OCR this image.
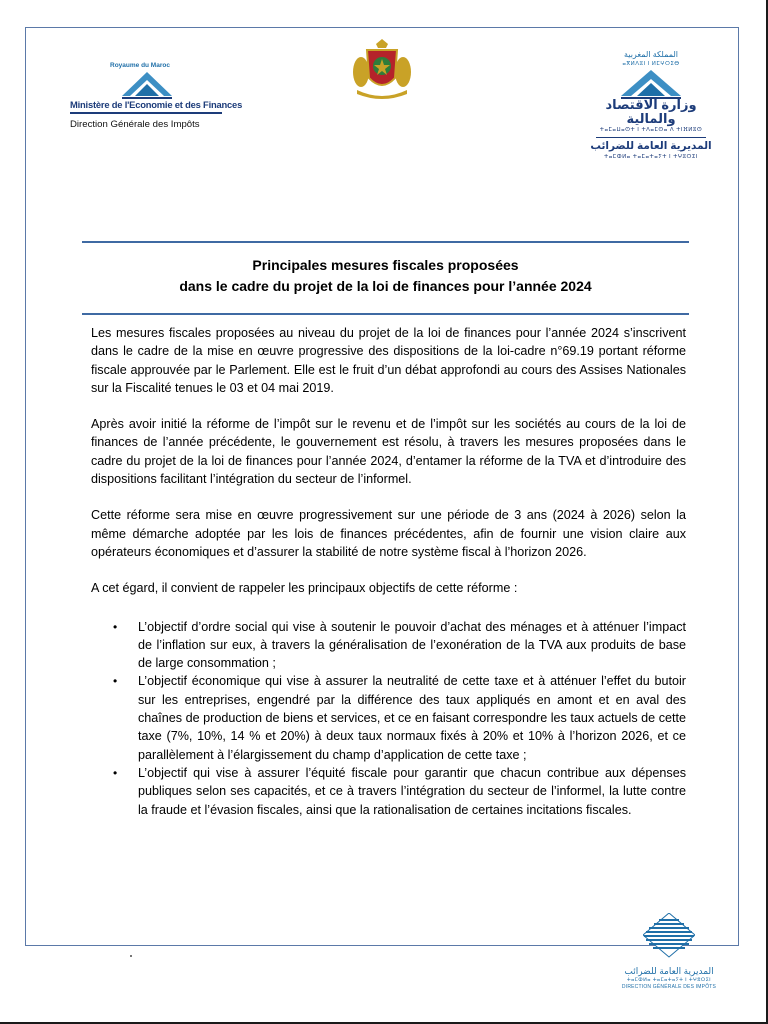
Royaume du Maroc
Ministère de l'Economie et des Finances
Direction Générale des Impôts
المملكة المغربية
ⴰⴳⵍⴷⵓⵏ ⵏ ⵍⵎⵖⵔⵉⴱ
وزارة الاقتصاد والمالية
ⵜⴰⵎⴰⵡⴰⵙⵜ ⵏ ⵜⴷⴰⵎⵙⴰ ⴷ ⵜⵏⴼⵍⵓⵙ
المديرية العامة للضرائب
ⵜⴰⵎⵀⵍⴰ ⵜⴰⵎⴰⵜⴰⵢⵜ ⵏ ⵜⵖⵓⵔⵉⵏ
Principales mesures fiscales proposées
dans le cadre du projet de la loi de finances pour l’année 2024

Les mesures fiscales proposées au niveau du projet de la loi de finances pour l’année 2024 s’inscrivent dans le cadre de la mise en œuvre progressive des dispositions de la loi-cadre n°69.19 portant réforme fiscale approuvée par le Parlement. Elle est le fruit d’un débat approfondi au cours des Assises Nationales sur la Fiscalité tenues le 03 et 04 mai 2019.

Après avoir initié la réforme de l’impôt sur le revenu et de l’impôt sur les sociétés au cours de la loi de finances de l’année précédente, le gouvernement est résolu, à travers les mesures proposées dans le cadre du projet de la loi de finances pour l’année 2024, d’entamer la réforme de la TVA et d’introduire des dispositions facilitant l’intégration du secteur de l’informel.

Cette réforme sera mise en œuvre progressivement sur une période de 3 ans (2024 à 2026) selon la même démarche adoptée par les lois de finances précédentes, afin de fournir une vision claire aux opérateurs économiques et d’assurer la stabilité de notre système fiscal à l’horizon 2026.

A cet égard, il convient de rappeler les principaux objectifs de cette réforme :

• L’objectif d’ordre social qui vise à soutenir le pouvoir d’achat des ménages et à atténuer l’impact de l’inflation sur eux, à travers la généralisation de l’exonération de la TVA aux produits de base de large consommation ;
• L’objectif économique qui vise à assurer la neutralité de cette taxe et à atténuer l’effet du butoir sur les entreprises, engendré par la différence des taux appliqués en amont et en aval des chaînes de production de biens et services, et ce en faisant correspondre les taux actuels de cette taxe (7%, 10%, 14 % et 20%) à deux taux normaux fixés à 20% et 10% à l’horizon 2026, et ce parallèlement à l’élargissement du champ d’application de cette taxe ;
• L’objectif qui vise à assurer l’équité fiscale pour garantir que chacun contribue aux dépenses publiques selon ses capacités, et ce à travers l’intégration du secteur de l’informel, la lutte contre la fraude et l’évasion fiscales, ainsi que la rationalisation de certaines incitations fiscales.
المديرية العامة للضرائب
ⵜⴰⵎⵀⵍⴰ ⵜⴰⵎⴰⵜⴰⵢⵜ ⵏ ⵜⵖⵓⵔⵉⵏ
DIRECTION GÉNÉRALE DES IMPÔTS
